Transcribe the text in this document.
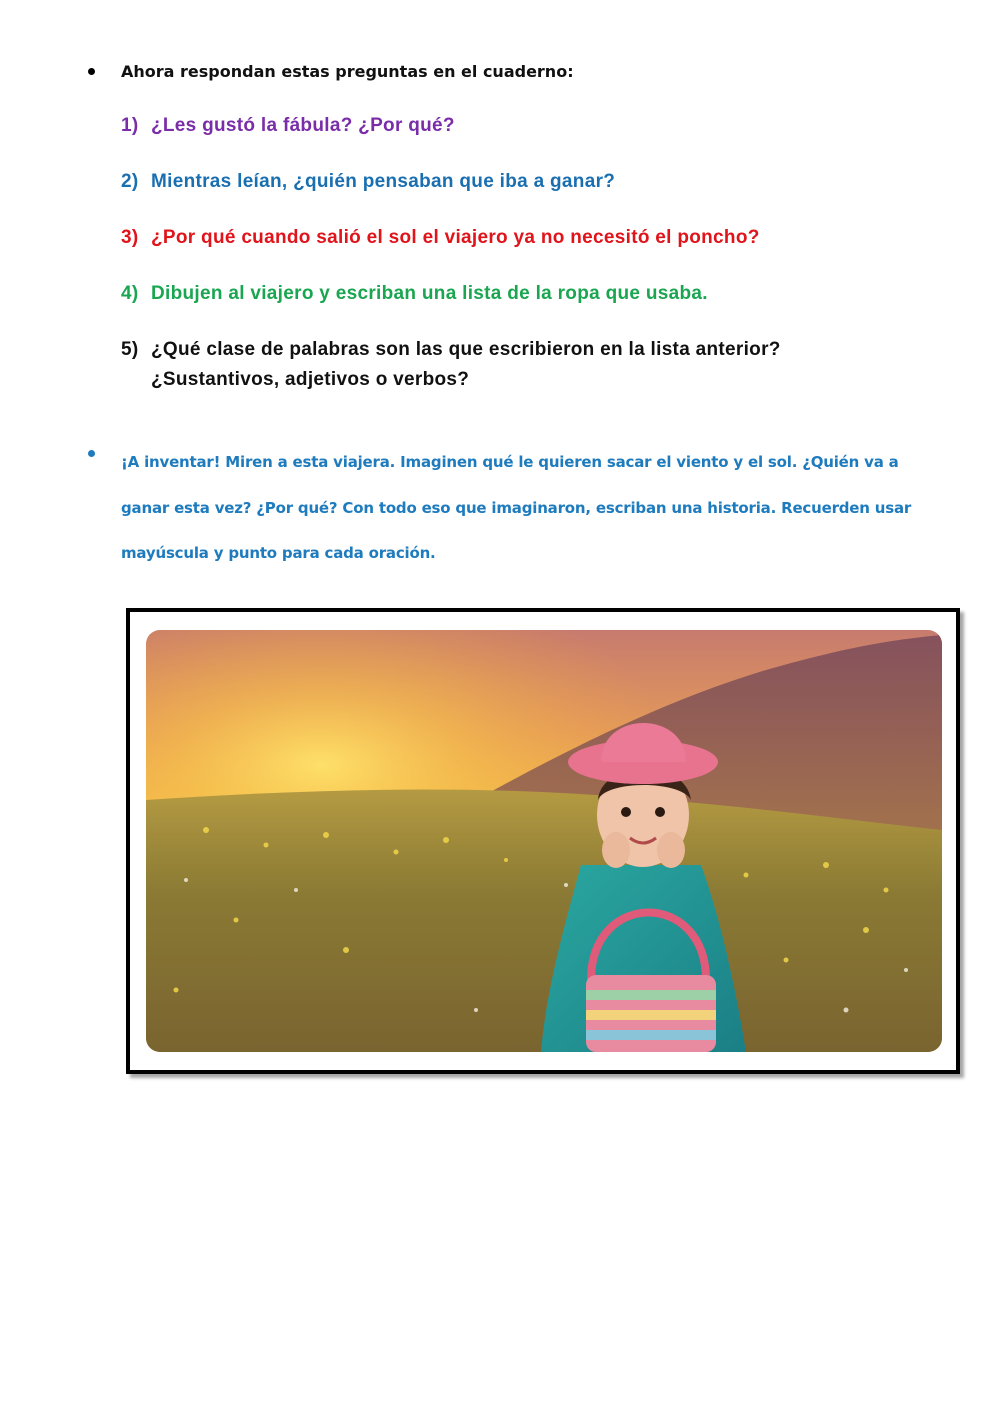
Ahora respondan estas preguntas en el cuaderno:
1) ¿Les gustó la fábula? ¿Por qué?
2) Mientras leían, ¿quién pensaban que iba a ganar?
3) ¿Por qué cuando salió el sol el viajero ya no necesitó el poncho?
4) Dibujen al viajero y escriban una lista de la ropa que usaba.
5) ¿Qué clase de palabras son las que escribieron en la lista anterior?
¿Sustantivos, adjetivos o verbos?
¡A inventar! Miren a esta viajera. Imaginen qué le quieren sacar el viento y el sol. ¿Quién va a ganar esta vez? ¿Por qué? Con todo eso que imaginaron, escriban una historia. Recuerden usar mayúscula y punto para cada oración.
